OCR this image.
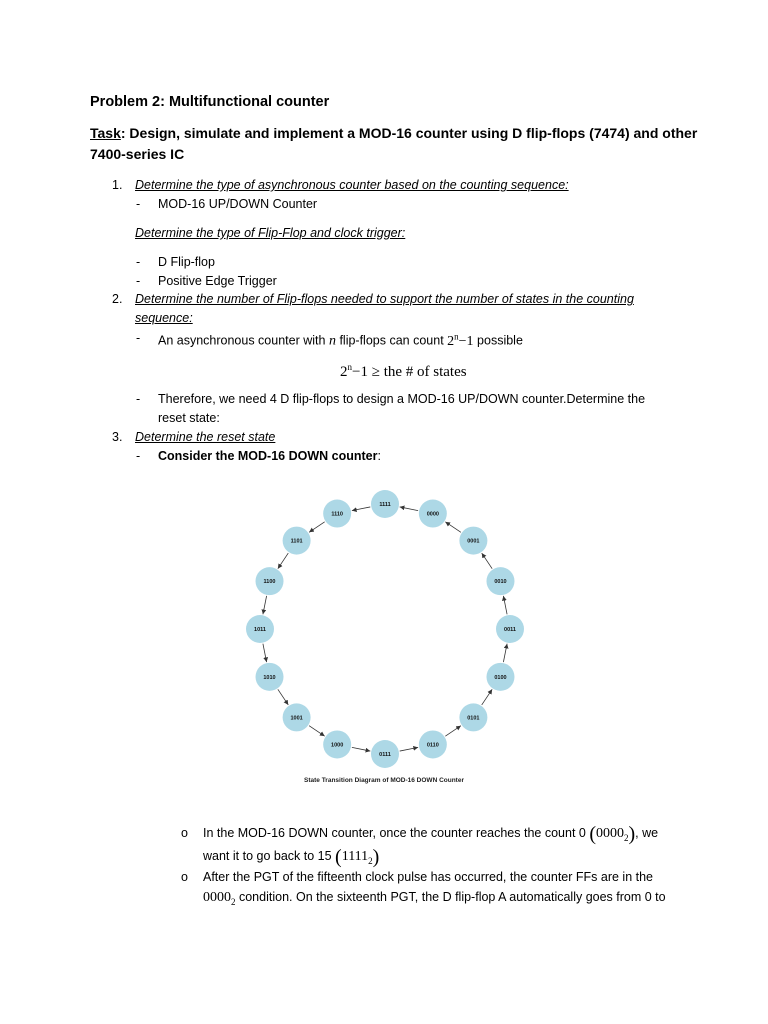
Problem 2: Multifunctional counter
Task: Design, simulate and implement a MOD-16 counter using D flip-flops (7474) and other
7400-series IC
1. Determine the type of asynchronous counter based on the counting sequence:
- MOD-16 UP/DOWN Counter
Determine the type of Flip-Flop and clock trigger:
- D Flip-flop
- Positive Edge Trigger
2. Determine the number of Flip-flops needed to support the number of states in the counting
sequence:
- An asynchronous counter with n flip-flops can count $2^n-1$ possible
$2^n-1$ ≥ the # of states
- Therefore, we need 4 D flip-flops to design a MOD-16 UP/DOWN counter.Determine the
reset state:
3. Determine the reset state
- Consider the MOD-16 DOWN counter:
1111
0000
0001
0010
0011
0100
0101
0110
0111
1000
1001
1010
1011
1100
1101
1110
State Transition Diagram of MOD-16 DOWN Counter
o In the MOD-16 DOWN counter, once the counter reaches the count 0 $(0000_2)$, we
want it to go back to 15 $(1111_2)$
o After the PGT of the fifteenth clock pulse has occurred, the counter FFs are in the
$0000_2$ condition. On the sixteenth PGT, the D flip-flop A automatically goes from 0 to
